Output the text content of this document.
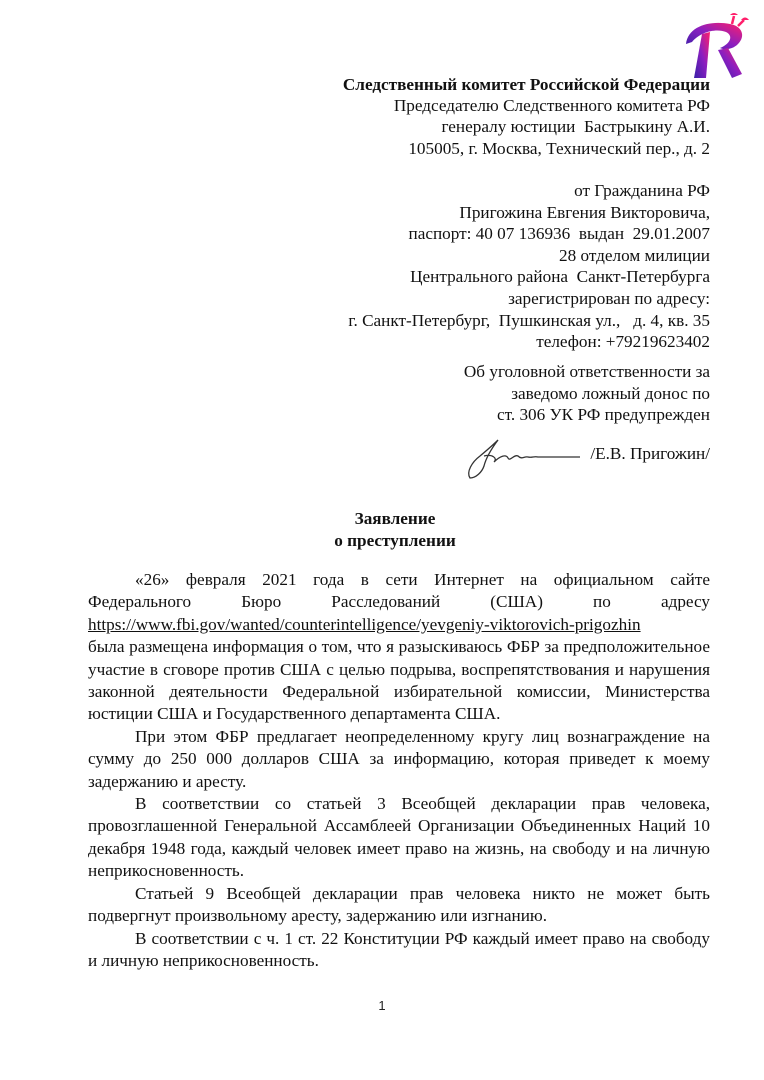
Следственный комитет Российской Федерации
Председателю Следственного комитета РФ
генералу юстиции  Бастрыкину А.И.
105005, г. Москва, Технический пер., д. 2
от Гражданина РФ
Пригожина Евгения Викторовича,
паспорт: 40 07 136936  выдан  29.01.2007
28 отделом милиции
Центрального района  Санкт-Петербурга
зарегистрирован по адресу:
г. Санкт-Петербург,  Пушкинская ул.,   д. 4, кв. 35
телефон: +79219623402
Об уголовной ответственности за
заведомо ложный донос по
ст. 306 УК РФ предупрежден
/Е.В. Пригожин/
Заявление
о преступлении

«26» февраля 2021 года в сети Интернет на официальном сайте

Федерального Бюро Расследований (США) по адресу
https://www.fbi.gov/wanted/counterintelligence/yevgeniy-viktorovich-prigozhin
была размещена информация о том, что я разыскиваюсь ФБР за предположительное участие в сговоре против США с целью подрыва, воспрепятствования и нарушения законной деятельности Федеральной избирательной комиссии, Министерства юстиции США и Государственного департамента США.

При этом ФБР предлагает неопределенному кругу лиц вознаграждение на сумму до 250 000 долларов США за информацию, которая приведет к моему задержанию и аресту.

В соответствии со статьей 3 Всеобщей декларации прав человека, провозглашенной Генеральной Ассамблеей Организации Объединенных Наций 10 декабря 1948 года, каждый человек имеет право на жизнь, на свободу и на личную неприкосновенность.

Статьей 9 Всеобщей декларации прав человека никто не может быть подвергнут произвольному аресту, задержанию или изгнанию.

В соответствии с ч. 1 ст. 22 Конституции РФ каждый имеет право на свободу и личную неприкосновенность.

1
